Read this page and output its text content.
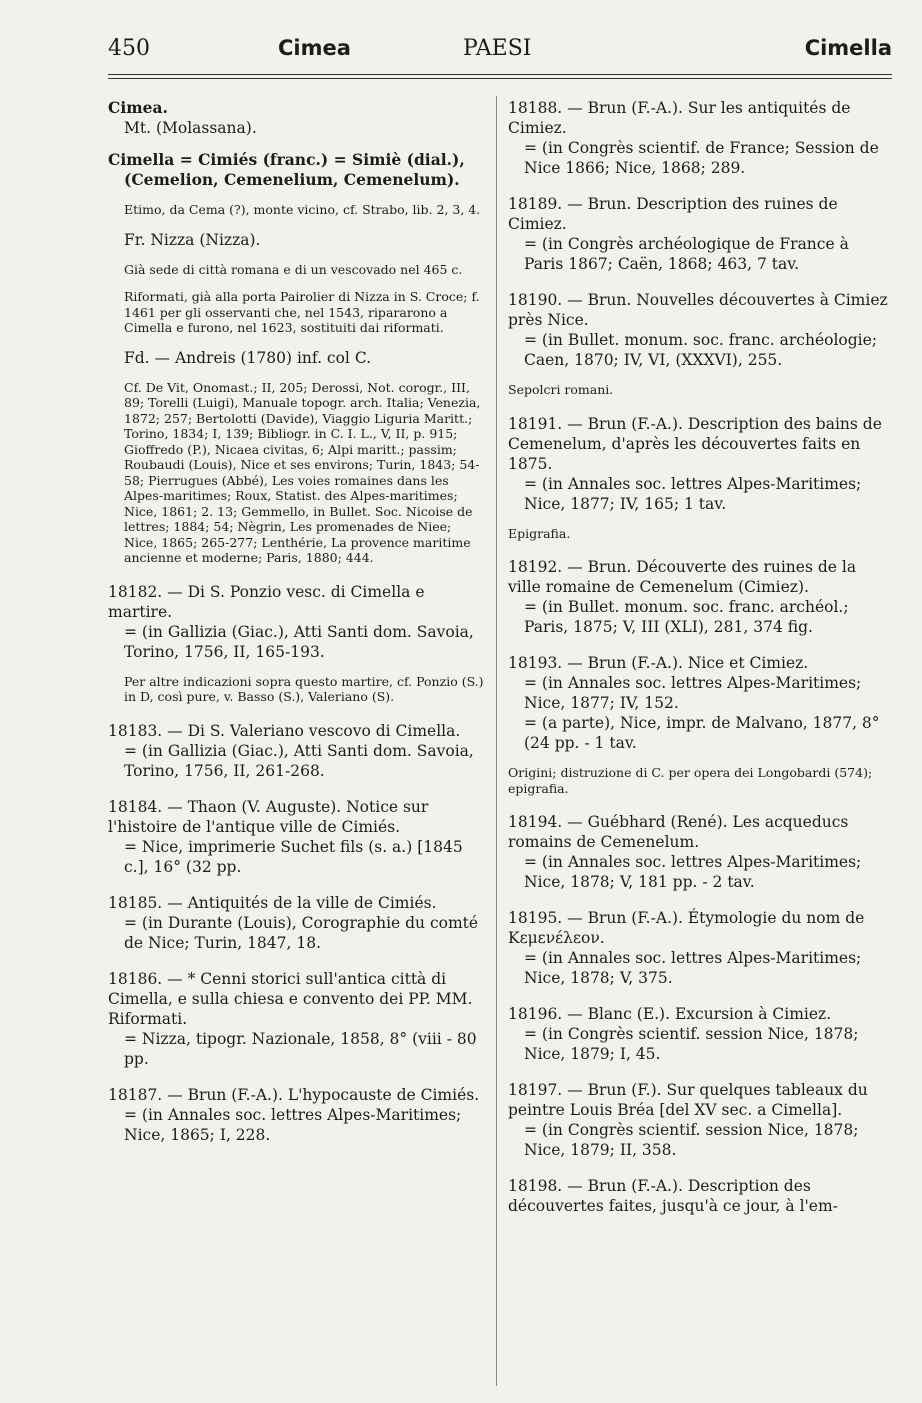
450	Cimea	PAESI	Cimella

Cimea.

Mt. (Molassana).

Cimella = Cimiés (franc.) = Simiè (dial.), (Cemelion, Cemenelium, Cemenelum).

Etimo, da Cema (?), monte vicino, cf. Strabo, lib. 2, 3, 4.

Fr. Nizza (Nizza).

Già sede di città romana e di un vescovado nel 465 c.

Riformati, già alla porta Pairolier di Nizza in S. Croce; f. 1461 per gli osservanti che, nel 1543, ripararono a Cimella e furono, nel 1623, sostituiti dai riformati.

Fd. — Andreis (1780) inf. col C.

Cf. De Vit, Onomast.; II, 205; Derossi, Not. corogr., III, 89; Torelli (Luigi), Manuale topogr. arch. Italia; Venezia, 1872; 257; Bertolotti (Davide), Viaggio Liguria Maritt.; Torino, 1834; I, 139; Bibliogr. in C. I. L., V, II, p. 915; Gioffredo (P.), Nicaea civitas, 6; Alpi maritt.; passim; Roubaudi (Louis), Nice et ses environs; Turin, 1843; 54-58; Pierrugues (Abbé), Les voies romaines dans les Alpes-maritimes; Roux, Statist. des Alpes-maritimes; Nice, 1861; 2. 13; Gemmello, in Bullet. Soc. Nicoise de lettres; 1884; 54; Nègrin, Les promenades de Niee; Nice, 1865; 265-277; Lenthérie, La provence maritime ancienne et moderne; Paris, 1880; 444.

18182. — Di S. Ponzio vesc. di Cimella e martire.

= (in Gallizia (Giac.), Atti Santi dom. Savoia, Torino, 1756, II, 165-193.

Per altre indicazioni sopra questo martire, cf. Ponzio (S.) in D, così pure, v. Basso (S.), Valeriano (S).

18183. — Di S. Valeriano vescovo di Cimella.

= (in Gallizia (Giac.), Atti Santi dom. Savoia, Torino, 1756, II, 261-268.

18184. — Thaon (V. Auguste). Notice sur l'histoire de l'antique ville de Cimiés.

= Nice, imprimerie Suchet fils (s. a.) [1845 c.], 16° (32 pp.

18185. — Antiquités de la ville de Cimiés.

= (in Durante (Louis), Corographie du comté de Nice; Turin, 1847, 18.

18186. — * Cenni storici sull'antica città di Cimella, e sulla chiesa e convento dei PP. MM. Riformati.

= Nizza, tipogr. Nazionale, 1858, 8° (viii - 80 pp.

18187. — Brun (F.-A.). L'hypocauste de Cimiés.

= (in Annales soc. lettres Alpes-Maritimes; Nice, 1865; I, 228.

18188. — Brun (F.-A.). Sur les antiquités de Cimiez.

= (in Congrès scientif. de France; Session de Nice 1866; Nice, 1868; 289.

18189. — Brun. Description des ruines de Cimiez.

= (in Congrès archéologique de France à Paris 1867; Caën, 1868; 463, 7 tav.

18190. — Brun. Nouvelles découvertes à Cimiez près Nice.

= (in Bullet. monum. soc. franc. archéologie; Caen, 1870; IV, VI, (XXXVI), 255.

Sepolcri romani.

18191. — Brun (F.-A.). Description des bains de Cemenelum, d'après les découvertes faits en 1875.

= (in Annales soc. lettres Alpes-Maritimes; Nice, 1877; IV, 165; 1 tav.

Epigrafia.

18192. — Brun. Découverte des ruines de la ville romaine de Cemenelum (Cimiez).

= (in Bullet. monum. soc. franc. archéol.; Paris, 1875; V, III (XLI), 281, 374 fig.

18193. — Brun (F.-A.). Nice et Cimiez.

= (in Annales soc. lettres Alpes-Maritimes; Nice, 1877; IV, 152.

= (a parte), Nice, impr. de Malvano, 1877, 8° (24 pp. - 1 tav.

Origini; distruzione di C. per opera dei Longobardi (574); epigrafia.

18194. — Guébhard (René). Les acqueducs romains de Cemenelum.

= (in Annales soc. lettres Alpes-Maritimes; Nice, 1878; V, 181 pp. - 2 tav.

18195. — Brun (F.-A.). Étymologie du nom de Κεμενέλεον.

= (in Annales soc. lettres Alpes-Maritimes; Nice, 1878; V, 375.

18196. — Blanc (E.). Excursion à Cimiez.

= (in Congrès scientif. session Nice, 1878; Nice, 1879; I, 45.

18197. — Brun (F.). Sur quelques tableaux du peintre Louis Bréa [del XV sec. a Cimella].

= (in Congrès scientif. session Nice, 1878; Nice, 1879; II, 358.

18198. — Brun (F.-A.). Description des découvertes faites, jusqu'à ce jour, à l'em-
